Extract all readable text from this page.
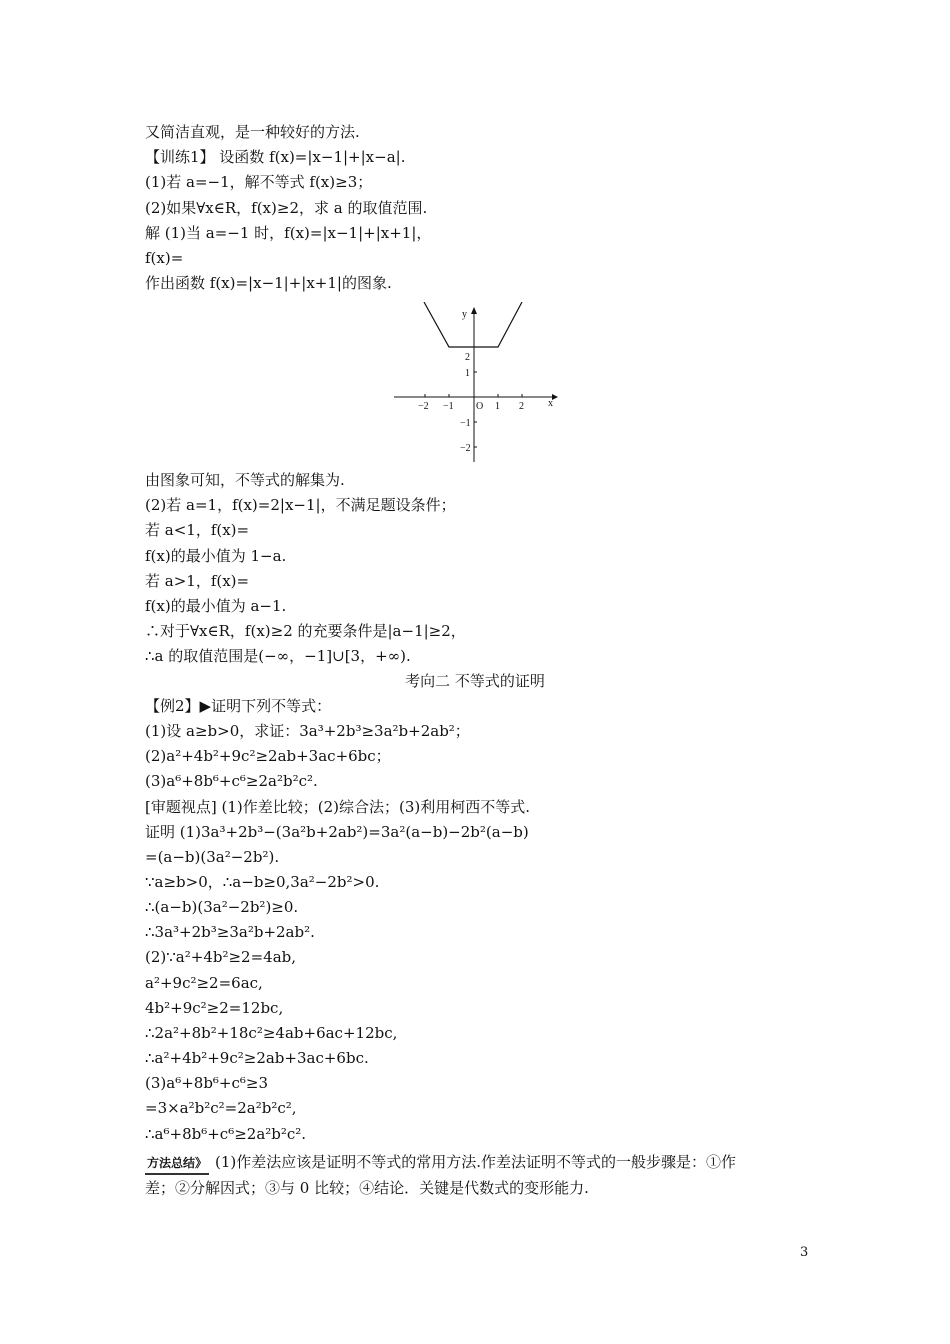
又简洁直观，是一种较好的方法.
【训练1】 设函数 f(x)=|x−1|+|x−a|.
(1)若 a=−1，解不等式 f(x)≥3；
(2)如果∀x∈R，f(x)≥2，求 a 的取值范围.
解 (1)当 a=−1 时，f(x)=|x−1|+|x+1|，
f(x)=
作出函数 f(x)=|x−1|+|x+1|的图象.
y
x
O
−2 −1	1 2
2
1
−1
−2
由图象可知，不等式的解集为.
(2)若 a=1，f(x)=2|x−1|，不满足题设条件；
若 a<1，f(x)=
f(x)的最小值为 1−a.
若 a>1，f(x)=
f(x)的最小值为 a−1.
∴对于∀x∈R，f(x)≥2 的充要条件是|a−1|≥2，
∴a 的取值范围是(−∞，−1]∪[3，+∞).
考向二 不等式的证明
【例2】▶证明下列不等式：
(1)设 a≥b>0，求证：3a³+2b³≥3a²b+2ab²；
(2)a²+4b²+9c²≥2ab+3ac+6bc；
(3)a⁶+8b⁶+c⁶≥2a²b²c².
[审题视点] (1)作差比较；(2)综合法；(3)利用柯西不等式.
证明 (1)3a³+2b³−(3a²b+2ab²)=3a²(a−b)−2b²(a−b)
=(a−b)(3a²−2b²).
∵a≥b>0，∴a−b≥0,3a²−2b²>0.
∴(a−b)(3a²−2b²)≥0.
∴3a³+2b³≥3a²b+2ab².
(2)∵a²+4b²≥2=4ab,
a²+9c²≥2=6ac,
4b²+9c²≥2=12bc,
∴2a²+8b²+18c²≥4ab+6ac+12bc,
∴a²+4b²+9c²≥2ab+3ac+6bc.
(3)a⁶+8b⁶+c⁶≥3
=3×a²b²c²=2a²b²c²,
∴a⁶+8b⁶+c⁶≥2a²b²c².
方法总结》 (1)作差法应该是证明不等式的常用方法.作差法证明不等式的一般步骤是：①作
差；②分解因式；③与 0 比较；④结论．关键是代数式的变形能力.
3
